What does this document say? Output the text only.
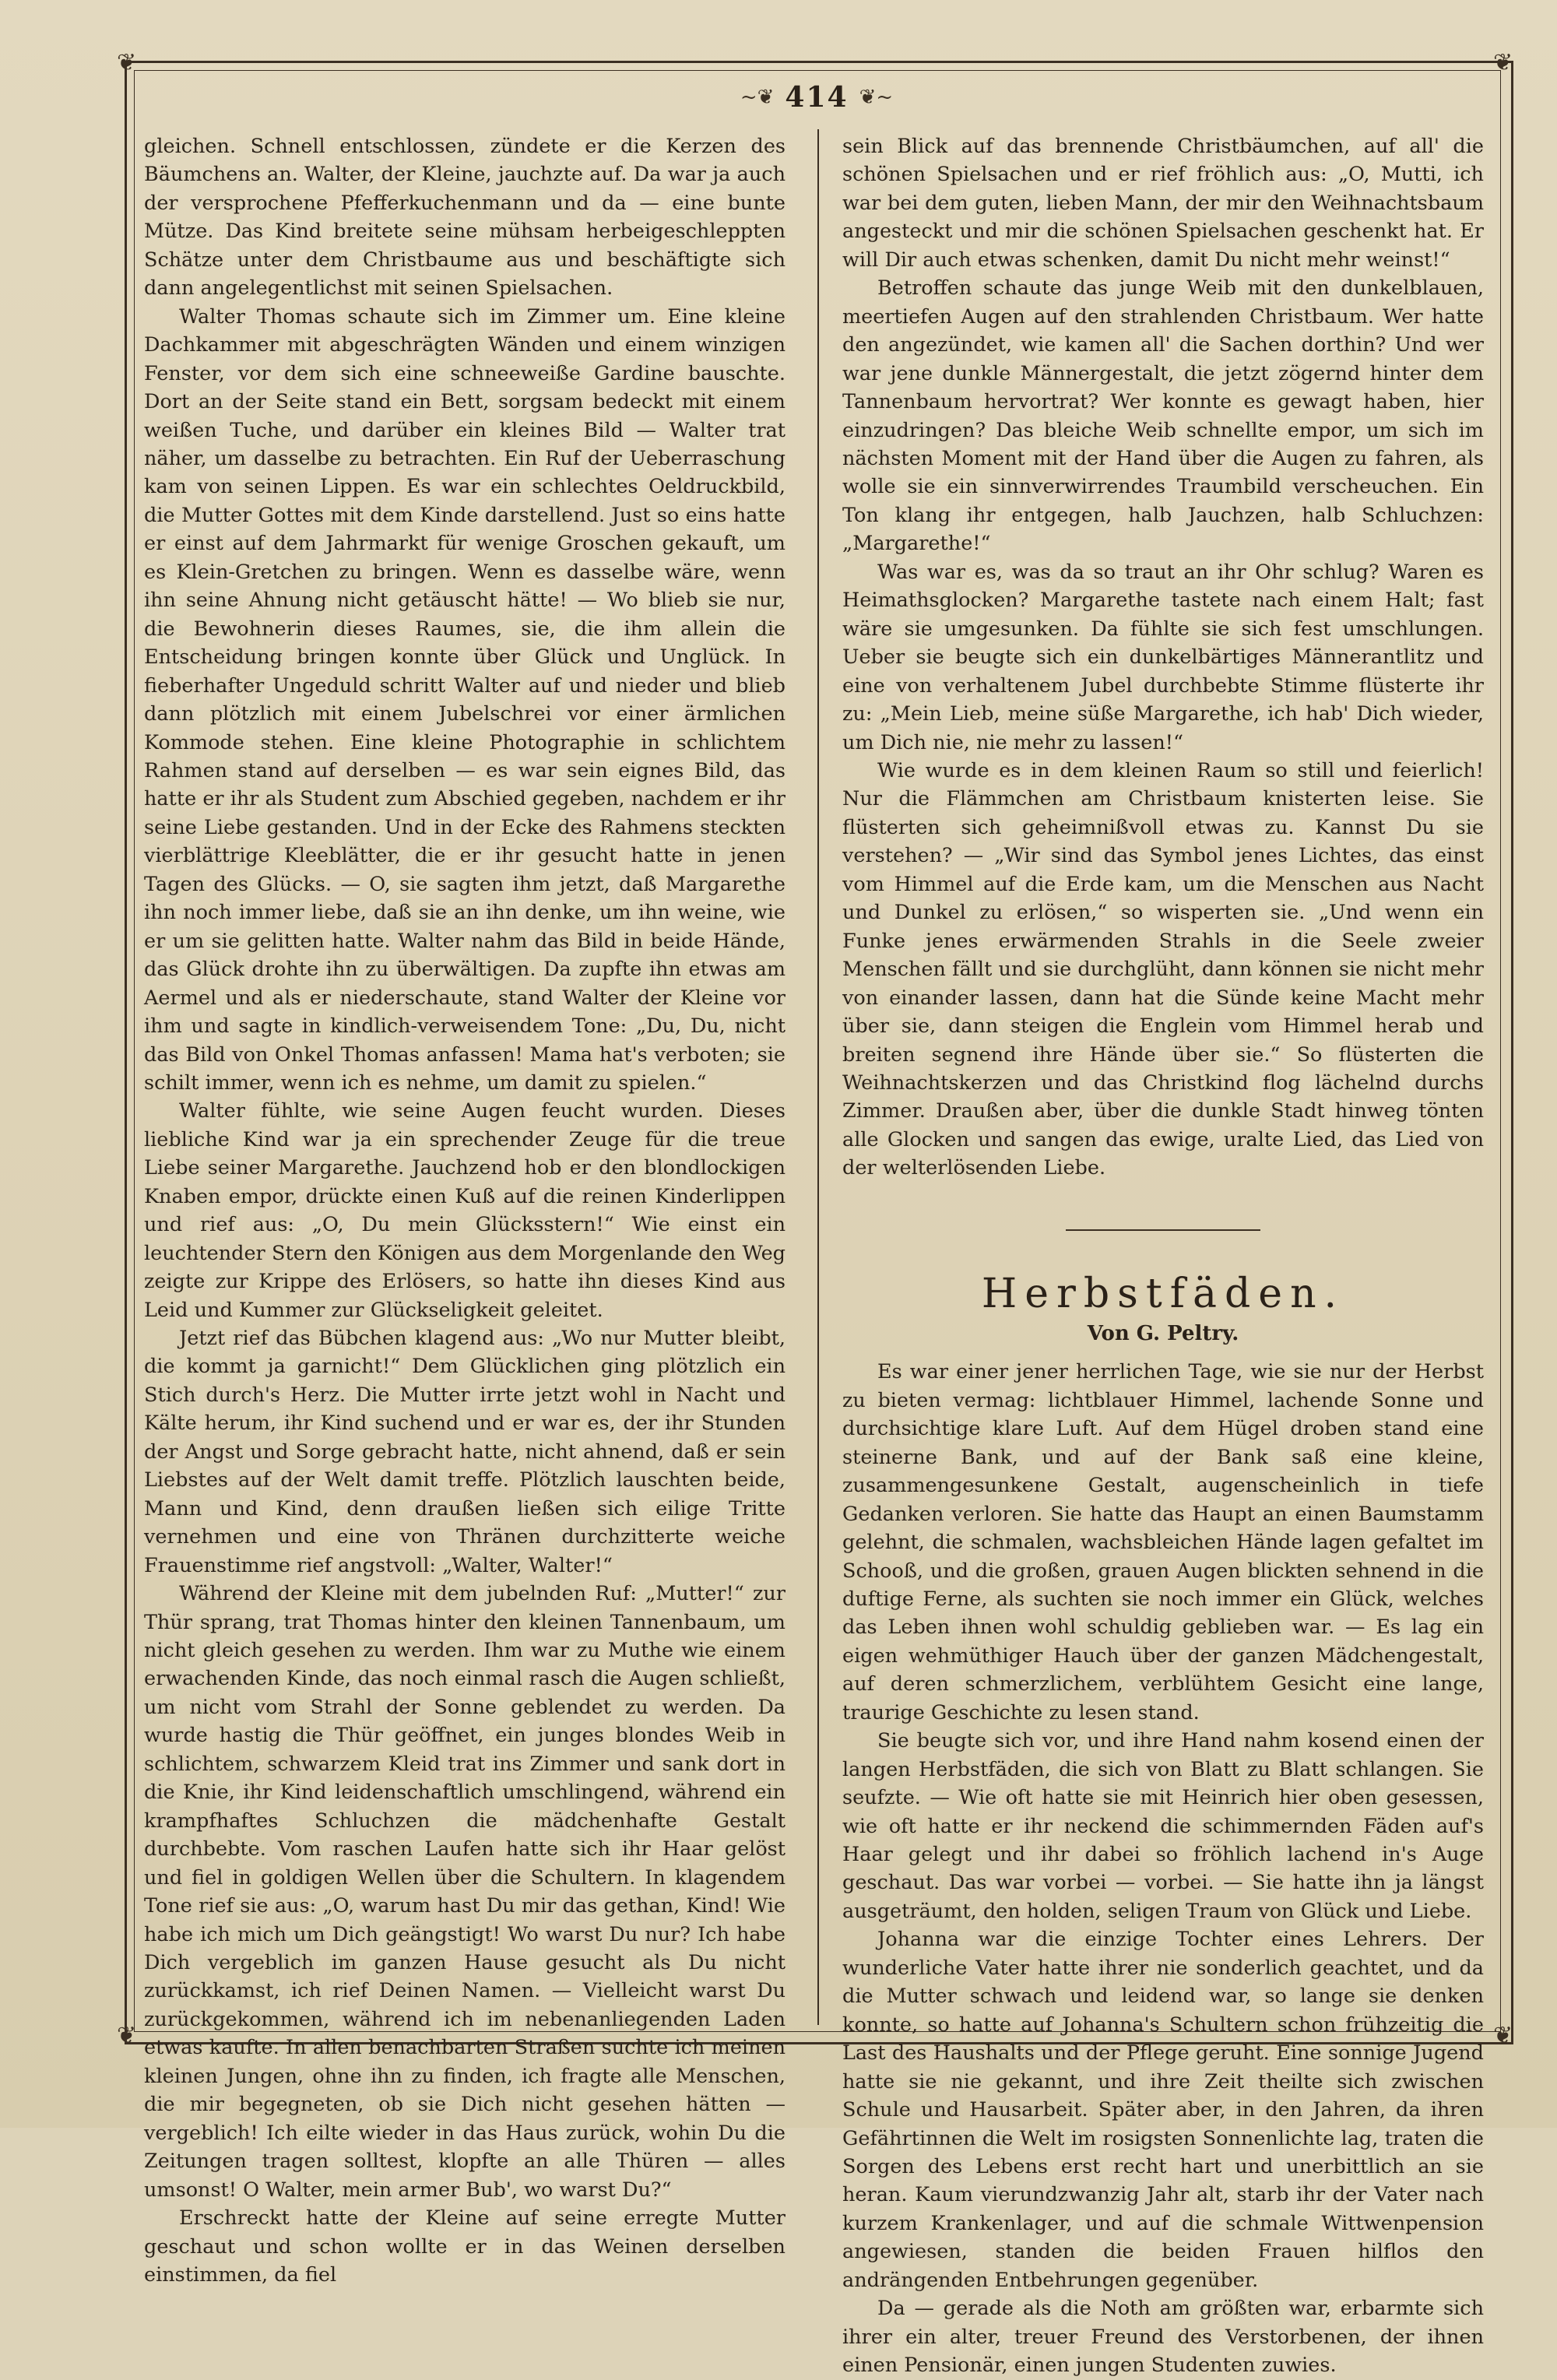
❦	❦
❦	❦
~❦ 414 ❦~

gleichen. Schnell entschlossen, zündete er die Kerzen des Bäumchens an. Walter, der Kleine, jauchzte auf. Da war ja auch der versprochene Pfefferkuchenmann und da — eine bunte Mütze. Das Kind breitete seine mühsam herbeigeschleppten Schätze unter dem Christbaume aus und beschäftigte sich dann angelegentlichst mit seinen Spielsachen.

Walter Thomas schaute sich im Zimmer um. Eine kleine Dachkammer mit abgeschrägten Wänden und einem winzigen Fenster, vor dem sich eine schneeweiße Gardine bauschte. Dort an der Seite stand ein Bett, sorgsam bedeckt mit einem weißen Tuche, und darüber ein kleines Bild — Walter trat näher, um dasselbe zu betrachten. Ein Ruf der Ueberraschung kam von seinen Lippen. Es war ein schlechtes Oeldruckbild, die Mutter Gottes mit dem Kinde darstellend. Just so eins hatte er einst auf dem Jahrmarkt für wenige Groschen gekauft, um es Klein-Gretchen zu bringen. Wenn es dasselbe wäre, wenn ihn seine Ahnung nicht getäuscht hätte! — Wo blieb sie nur, die Bewohnerin dieses Raumes, sie, die ihm allein die Entscheidung bringen konnte über Glück und Unglück. In fieberhafter Ungeduld schritt Walter auf und nieder und blieb dann plötzlich mit einem Jubelschrei vor einer ärmlichen Kommode stehen. Eine kleine Photographie in schlichtem Rahmen stand auf derselben — es war sein eignes Bild, das hatte er ihr als Student zum Abschied gegeben, nachdem er ihr seine Liebe gestanden. Und in der Ecke des Rahmens steckten vierblättrige Kleeblätter, die er ihr gesucht hatte in jenen Tagen des Glücks. — O, sie sagten ihm jetzt, daß Margarethe ihn noch immer liebe, daß sie an ihn denke, um ihn weine, wie er um sie gelitten hatte. Walter nahm das Bild in beide Hände, das Glück drohte ihn zu überwältigen. Da zupfte ihn etwas am Aermel und als er niederschaute, stand Walter der Kleine vor ihm und sagte in kindlich-verweisendem Tone: „Du, Du, nicht das Bild von Onkel Thomas anfassen! Mama hat's verboten; sie schilt immer, wenn ich es nehme, um damit zu spielen.“

Walter fühlte, wie seine Augen feucht wurden. Dieses liebliche Kind war ja ein sprechender Zeuge für die treue Liebe seiner Margarethe. Jauchzend hob er den blondlockigen Knaben empor, drückte einen Kuß auf die reinen Kinderlippen und rief aus: „O, Du mein Glücksstern!“ Wie einst ein leuchtender Stern den Königen aus dem Morgenlande den Weg zeigte zur Krippe des Erlösers, so hatte ihn dieses Kind aus Leid und Kummer zur Glückseligkeit geleitet.

Jetzt rief das Bübchen klagend aus: „Wo nur Mutter bleibt, die kommt ja garnicht!“ Dem Glücklichen ging plötzlich ein Stich durch's Herz. Die Mutter irrte jetzt wohl in Nacht und Kälte herum, ihr Kind suchend und er war es, der ihr Stunden der Angst und Sorge gebracht hatte, nicht ahnend, daß er sein Liebstes auf der Welt damit treffe. Plötzlich lauschten beide, Mann und Kind, denn draußen ließen sich eilige Tritte vernehmen und eine von Thränen durchzitterte weiche Frauenstimme rief angstvoll: „Walter, Walter!“

Während der Kleine mit dem jubelnden Ruf: „Mutter!“ zur Thür sprang, trat Thomas hinter den kleinen Tannenbaum, um nicht gleich gesehen zu werden. Ihm war zu Muthe wie einem erwachenden Kinde, das noch einmal rasch die Augen schließt, um nicht vom Strahl der Sonne geblendet zu werden. Da wurde hastig die Thür geöffnet, ein junges blondes Weib in schlichtem, schwarzem Kleid trat ins Zimmer und sank dort in die Knie, ihr Kind leidenschaftlich umschlingend, während ein krampfhaftes Schluchzen die mädchenhafte Gestalt durchbebte. Vom raschen Laufen hatte sich ihr Haar gelöst und fiel in goldigen Wellen über die Schultern. In klagendem Tone rief sie aus: „O, warum hast Du mir das gethan, Kind! Wie habe ich mich um Dich geängstigt! Wo warst Du nur? Ich habe Dich vergeblich im ganzen Hause gesucht als Du nicht zurückkamst, ich rief Deinen Namen. — Vielleicht warst Du zurückgekommen, während ich im nebenanliegenden Laden etwas kaufte. In allen benachbarten Straßen suchte ich meinen kleinen Jungen, ohne ihn zu finden, ich fragte alle Menschen, die mir begegneten, ob sie Dich nicht gesehen hätten — vergeblich! Ich eilte wieder in das Haus zurück, wohin Du die Zeitungen tragen solltest, klopfte an alle Thüren — alles umsonst! O Walter, mein armer Bub', wo warst Du?“

Erschreckt hatte der Kleine auf seine erregte Mutter geschaut und schon wollte er in das Weinen derselben einstimmen, da fiel

sein Blick auf das brennende Christbäumchen, auf all' die schönen Spielsachen und er rief fröhlich aus: „O, Mutti, ich war bei dem guten, lieben Mann, der mir den Weihnachtsbaum angesteckt und mir die schönen Spielsachen geschenkt hat. Er will Dir auch etwas schenken, damit Du nicht mehr weinst!“

Betroffen schaute das junge Weib mit den dunkelblauen, meertiefen Augen auf den strahlenden Christbaum. Wer hatte den angezündet, wie kamen all' die Sachen dorthin? Und wer war jene dunkle Männergestalt, die jetzt zögernd hinter dem Tannenbaum hervortrat? Wer konnte es gewagt haben, hier einzudringen? Das bleiche Weib schnellte empor, um sich im nächsten Moment mit der Hand über die Augen zu fahren, als wolle sie ein sinnverwirrendes Traumbild verscheuchen. Ein Ton klang ihr entgegen, halb Jauchzen, halb Schluchzen: „Margarethe!“

Was war es, was da so traut an ihr Ohr schlug? Waren es Heimathsglocken? Margarethe tastete nach einem Halt; fast wäre sie umgesunken. Da fühlte sie sich fest umschlungen. Ueber sie beugte sich ein dunkelbärtiges Männerantlitz und eine von verhaltenem Jubel durchbebte Stimme flüsterte ihr zu: „Mein Lieb, meine süße Margarethe, ich hab' Dich wieder, um Dich nie, nie mehr zu lassen!“

Wie wurde es in dem kleinen Raum so still und feierlich! Nur die Flämmchen am Christbaum knisterten leise. Sie flüsterten sich geheimnißvoll etwas zu. Kannst Du sie verstehen? — „Wir sind das Symbol jenes Lichtes, das einst vom Himmel auf die Erde kam, um die Menschen aus Nacht und Dunkel zu erlösen,“ so wisperten sie. „Und wenn ein Funke jenes erwärmenden Strahls in die Seele zweier Menschen fällt und sie durchglüht, dann können sie nicht mehr von einander lassen, dann hat die Sünde keine Macht mehr über sie, dann steigen die Englein vom Himmel herab und breiten segnend ihre Hände über sie.“ So flüsterten die Weihnachtskerzen und das Christkind flog lächelnd durchs Zimmer. Draußen aber, über die dunkle Stadt hinweg tönten alle Glocken und sangen das ewige, uralte Lied, das Lied von der welterlösenden Liebe.

Herbstfäden.
Von G. Peltry.

Es war einer jener herrlichen Tage, wie sie nur der Herbst zu bieten vermag: lichtblauer Himmel, lachende Sonne und durchsichtige klare Luft. Auf dem Hügel droben stand eine steinerne Bank, und auf der Bank saß eine kleine, zusammengesunkene Gestalt, augenscheinlich in tiefe Gedanken verloren. Sie hatte das Haupt an einen Baumstamm gelehnt, die schmalen, wachsbleichen Hände lagen gefaltet im Schooß, und die großen, grauen Augen blickten sehnend in die duftige Ferne, als suchten sie noch immer ein Glück, welches das Leben ihnen wohl schuldig geblieben war. — Es lag ein eigen wehmüthiger Hauch über der ganzen Mädchengestalt, auf deren schmerzlichem, verblühtem Gesicht eine lange, traurige Geschichte zu lesen stand.

Sie beugte sich vor, und ihre Hand nahm kosend einen der langen Herbstfäden, die sich von Blatt zu Blatt schlangen. Sie seufzte. — Wie oft hatte sie mit Heinrich hier oben gesessen, wie oft hatte er ihr neckend die schimmernden Fäden auf's Haar gelegt und ihr dabei so fröhlich lachend in's Auge geschaut. Das war vorbei — vorbei. — Sie hatte ihn ja längst ausgeträumt, den holden, seligen Traum von Glück und Liebe.

Johanna war die einzige Tochter eines Lehrers. Der wunderliche Vater hatte ihrer nie sonderlich geachtet, und da die Mutter schwach und leidend war, so lange sie denken konnte, so hatte auf Johanna's Schultern schon frühzeitig die Last des Haushalts und der Pflege geruht. Eine sonnige Jugend hatte sie nie gekannt, und ihre Zeit theilte sich zwischen Schule und Hausarbeit. Später aber, in den Jahren, da ihren Gefährtinnen die Welt im rosigsten Sonnenlichte lag, traten die Sorgen des Lebens erst recht hart und unerbittlich an sie heran. Kaum vierundzwanzig Jahr alt, starb ihr der Vater nach kurzem Krankenlager, und auf die schmale Wittwenpension angewiesen, standen die beiden Frauen hilflos den andrängenden Entbehrungen gegenüber.

Da — gerade als die Noth am größten war, erbarmte sich ihrer ein alter, treuer Freund des Verstorbenen, der ihnen einen Pensionär, einen jungen Studenten zuwies.
